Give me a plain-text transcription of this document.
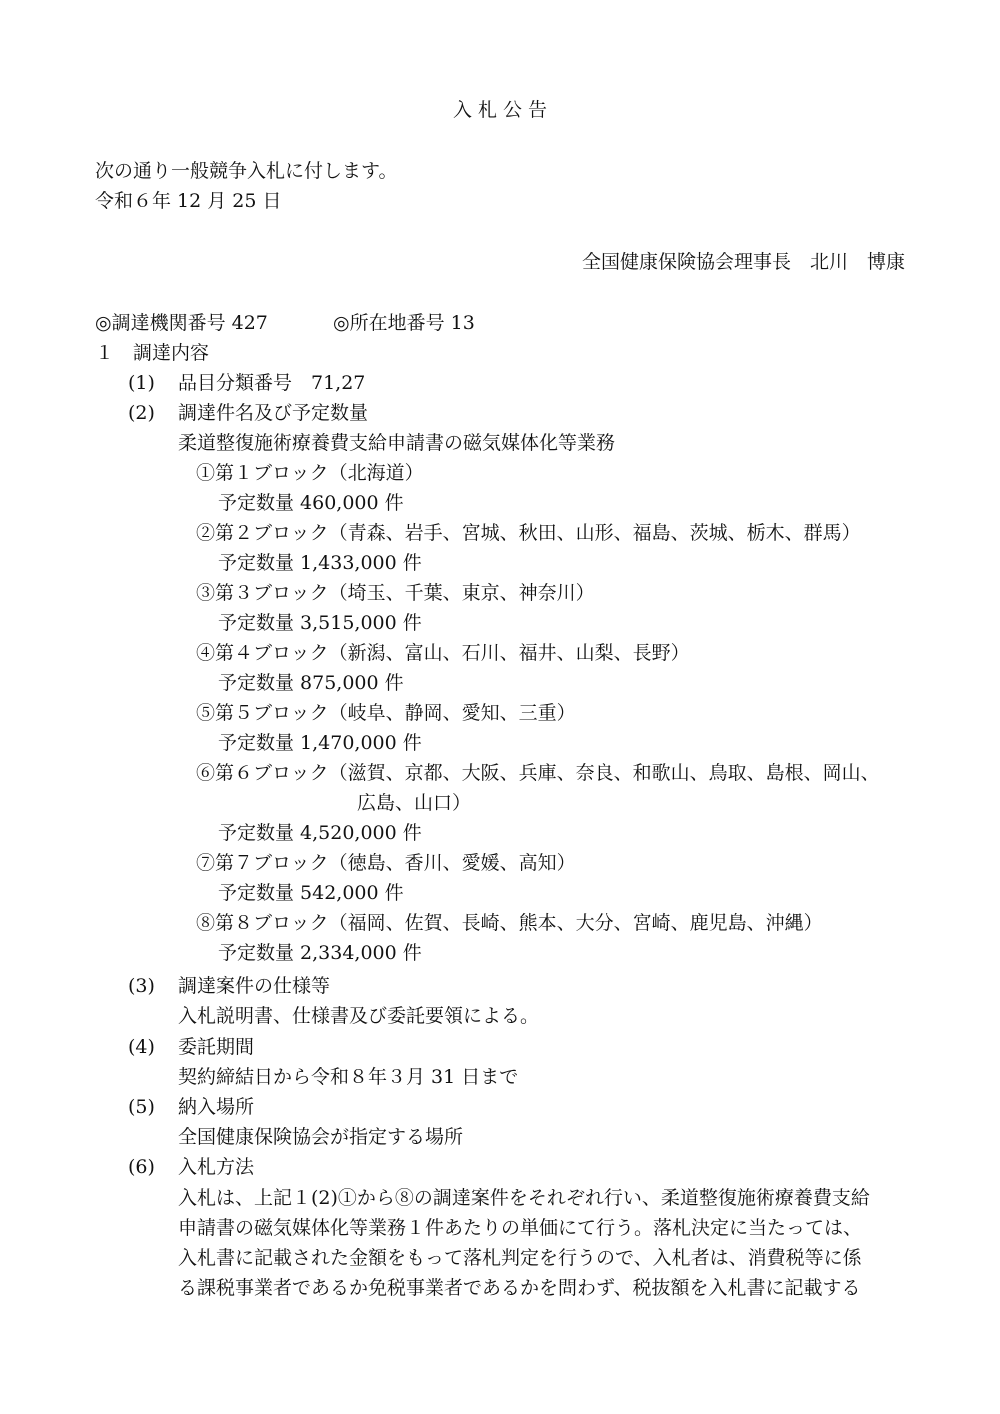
入 札 公 告
次の通り一般競争入札に付します。
令和６年 12 月 25 日
全国健康保険協会理事長　北川　博康
◎調達機関番号 427	◎所在地番号 13
１　調達内容
(1) 品目分類番号　71,27
(2) 調達件名及び予定数量
柔道整復施術療養費支給申請書の磁気媒体化等業務
①第１ブロック（北海道）
予定数量 460,000 件
②第２ブロック（青森、岩手、宮城、秋田、山形、福島、茨城、栃木、群馬）
予定数量 1,433,000 件
③第３ブロック（埼玉、千葉、東京、神奈川）
予定数量 3,515,000 件
④第４ブロック（新潟、富山、石川、福井、山梨、長野）
予定数量 875,000 件
⑤第５ブロック（岐阜、静岡、愛知、三重）
予定数量 1,470,000 件
⑥第６ブロック（滋賀、京都、大阪、兵庫、奈良、和歌山、鳥取、島根、岡山、
広島、山口）
予定数量 4,520,000 件
⑦第７ブロック（徳島、香川、愛媛、高知）
予定数量 542,000 件
⑧第８ブロック（福岡、佐賀、長崎、熊本、大分、宮崎、鹿児島、沖縄）
予定数量 2,334,000 件
(3) 調達案件の仕様等
入札説明書、仕様書及び委託要領による。
(4) 委託期間
契約締結日から令和８年３月 31 日まで
(5) 納入場所
全国健康保険協会が指定する場所
(6) 入札方法
入札は、上記１(2)①から⑧の調達案件をそれぞれ行い、柔道整復施術療養費支給
申請書の磁気媒体化等業務１件あたりの単価にて行う。落札決定に当たっては、
入札書に記載された金額をもって落札判定を行うので、入札者は、消費税等に係
る課税事業者であるか免税事業者であるかを問わず、税抜額を入札書に記載する
